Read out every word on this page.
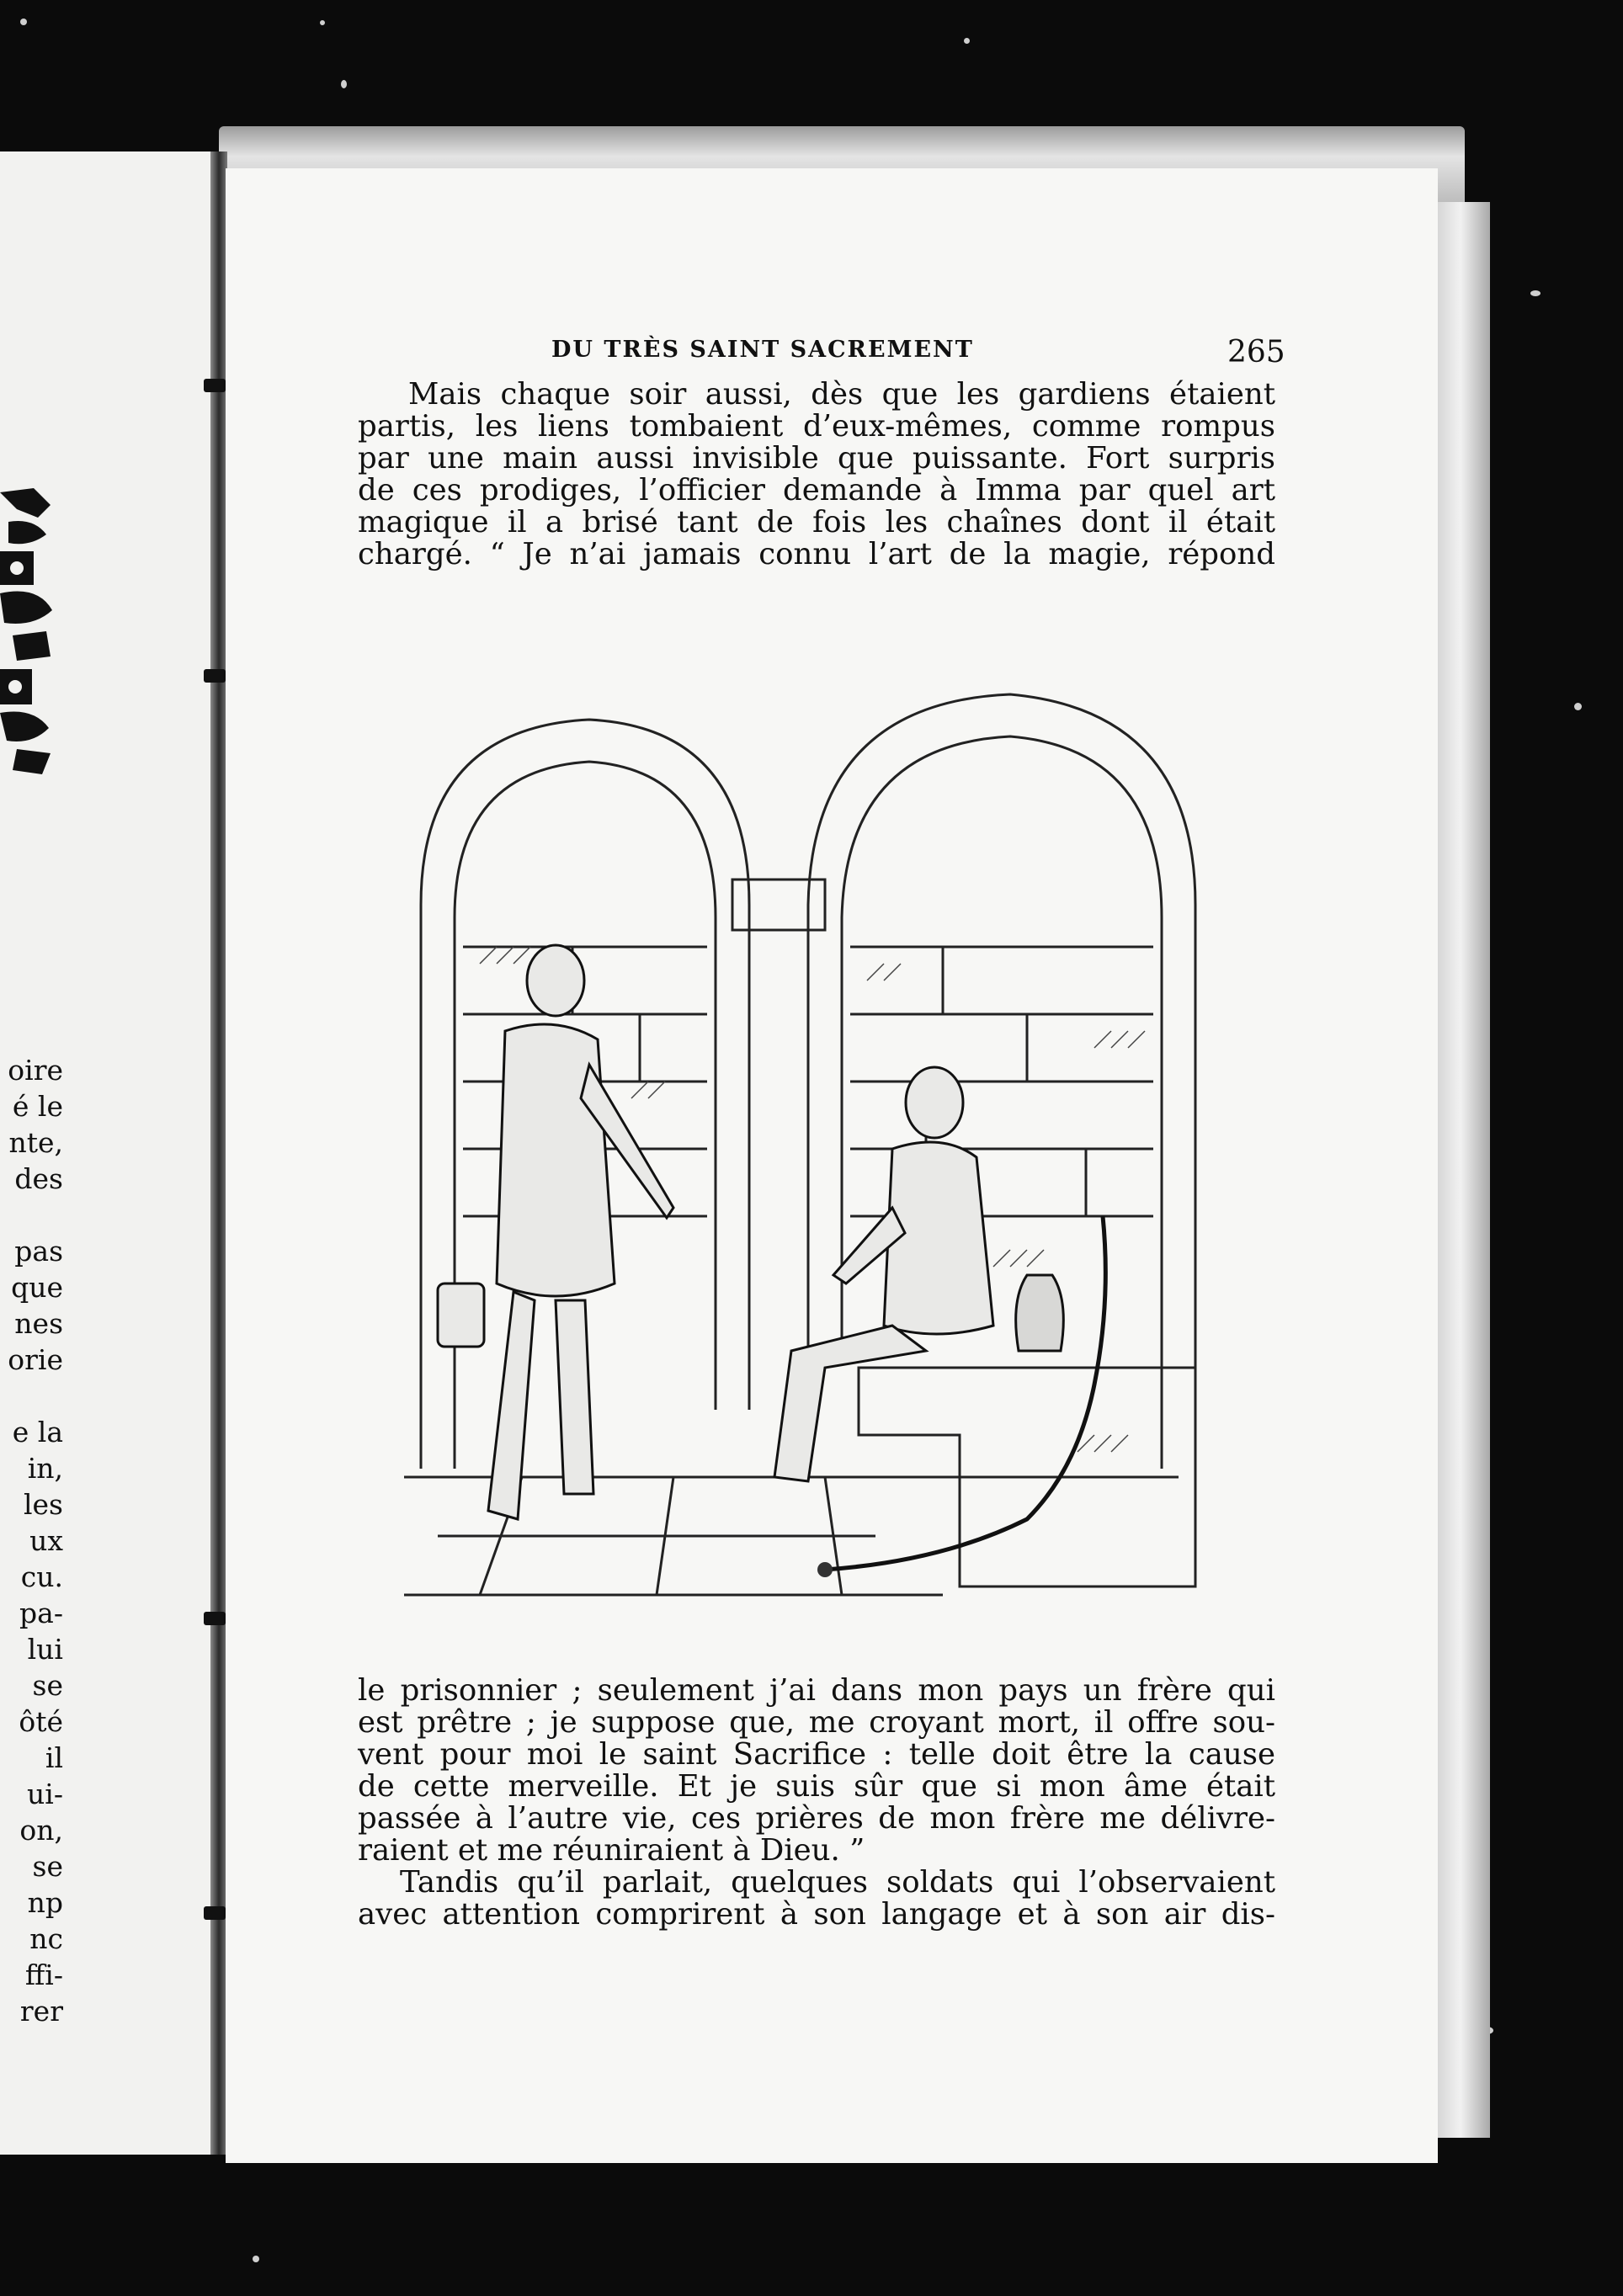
oire
é le
nte,
des
pas
que
nes
orie
e la
in,
les
ux
cu.
pa-
lui
se
ôté
il
ui-
on,
se
np
nc
ffi-
rer
DU TRÈS SAINT SACREMENT	265
Mais chaque soir aussi, dès que les gardiens étaient
partis, les liens tombaient d’eux-mêmes, comme rompus
par une main aussi invisible que puissante. Fort surpris
de ces prodiges, l’officier demande à Imma par quel art
magique il a brisé tant de fois les chaînes dont il était
chargé. “ Je n’ai jamais connu l’art de la magie, répond
le prisonnier ; seulement j’ai dans mon pays un frère qui
est prêtre ; je suppose que, me croyant mort, il offre sou-
vent pour moi le saint Sacrifice : telle doit être la cause
de cette merveille. Et je suis sûr que si mon âme était
passée à l’autre vie, ces prières de mon frère me délivre-
raient et me réuniraient à Dieu. ”
Tandis qu’il parlait, quelques soldats qui l’observaient
avec attention comprirent à son langage et à son air dis-
